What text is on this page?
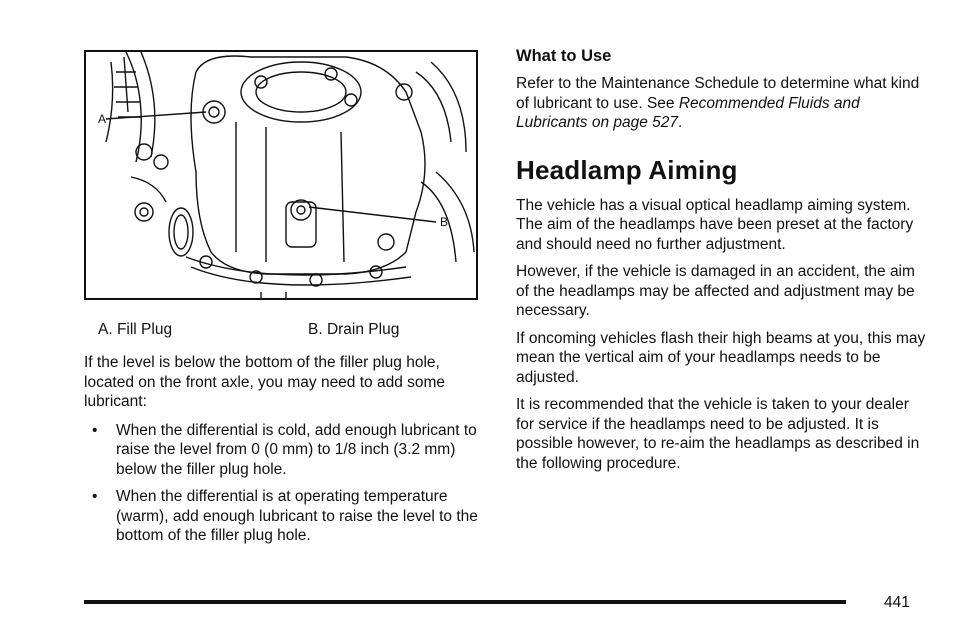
A
B
A. Fill Plug	B. Drain Plug

If the level is below the bottom of the filler plug hole, located on the front axle, you may need to add some lubricant:

• When the differential is cold, add enough lubricant to raise the level from 0 (0 mm) to 1/8 inch (3.2 mm) below the filler plug hole.
• When the differential is at operating temperature (warm), add enough lubricant to raise the level to the bottom of the filler plug hole.
What to Use

Refer to the Maintenance Schedule to determine what kind of lubricant to use. See Recommended Fluids and Lubricants on page 527.

Headlamp Aiming

The vehicle has a visual optical headlamp aiming system. The aim of the headlamps have been preset at the factory and should need no further adjustment.

However, if the vehicle is damaged in an accident, the aim of the headlamps may be affected and adjustment may be necessary.

If oncoming vehicles flash their high beams at you, this may mean the vertical aim of your headlamps needs to be adjusted.

It is recommended that the vehicle is taken to your dealer for service if the headlamps need to be adjusted. It is possible however, to re-aim the headlamps as described in the following procedure.

441
